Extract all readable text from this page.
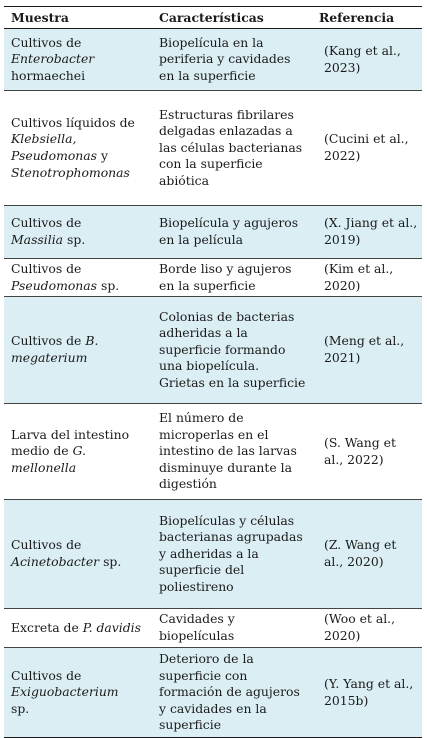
Muestra	Características	Referencia
Cultivos de
Enterobacter
hormaechei	Biopelícula en la periferia y cavidades en la superficie	(Kang et al., 2023)
Cultivos líquidos de Klebsiella, Pseudomonas y Stenotrophomonas	Estructuras fibrilares delgadas enlazadas a las células bacterianas con la superficie abiótica	(Cucini et al., 2022)
Cultivos de
Massilia sp.	Biopelícula y agujeros en la película	(X. Jiang et al., 2019)
Cultivos de
Pseudomonas sp.	Borde liso y agujeros en la superficie	(Kim et al., 2020)
Cultivos de B. megaterium	Colonias de bacterias adheridas a la superficie formando una biopelícula. Grietas en la superficie	(Meng et al., 2021)
Larva del intestino medio de G. mellonella	El número de microperlas en el intestino de las larvas disminuye durante la digestión	(S. Wang et al., 2022)
Cultivos de
Acinetobacter sp.	Biopelículas y células bacterianas agrupadas y adheridas a la superficie del poliestireno	(Z. Wang et al., 2020)
Excreta de P. davidis	Cavidades y biopelículas	(Woo et al., 2020)
Cultivos de
Exiguobacterium
sp.	Deterioro de la superficie con formación de agujeros y cavidades en la superficie	(Y. Yang et al., 2015b)
